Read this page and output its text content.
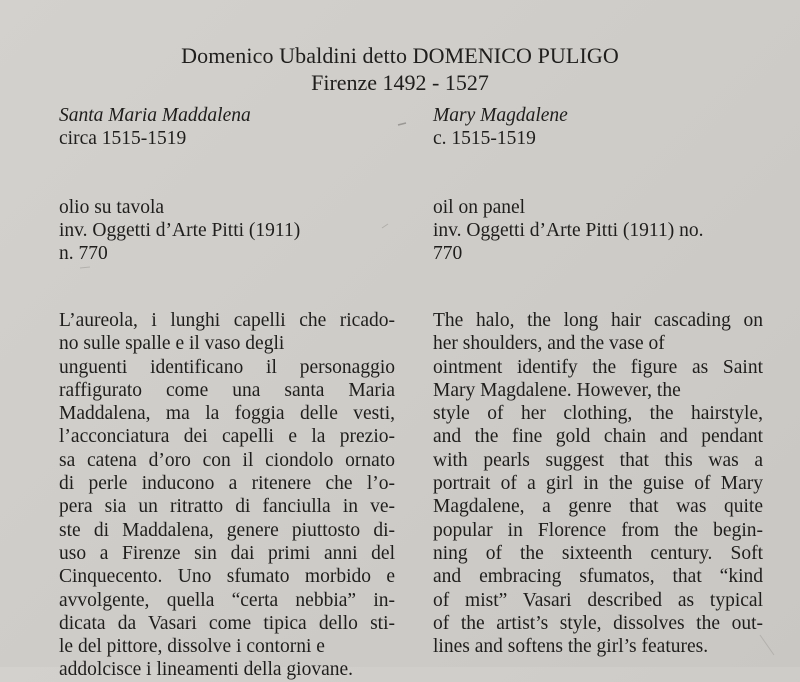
Domenico Ubaldini detto DOMENICO PULIGO
Firenze 1492 - 1527
Santa Maria Maddalena
circa 1515-1519
olio su tavola
inv. Oggetti d’Arte Pitti (1911)
n. 770
L’aureola, i lunghi capelli che ricado-
no sulle spalle e il vaso degli
unguenti identificano il personaggio
raffigurato come una santa Maria
Maddalena, ma la foggia delle vesti,
l’acconciatura dei capelli e la prezio-
sa catena d’oro con il ciondolo ornato
di perle inducono a ritenere che l’o-
pera sia un ritratto di fanciulla in ve-
ste di Maddalena, genere piuttosto di-
uso a Firenze sin dai primi anni del
Cinquecento. Uno sfumato morbido e
avvolgente, quella “certa nebbia” in-
dicata da Vasari come tipica dello sti-
le del pittore, dissolve i contorni e
addolcisce i lineamenti della giovane.
Mary Magdalene
c. 1515-1519
oil on panel
inv. Oggetti d’Arte Pitti (1911) no.
770
The halo, the long hair cascading on
her shoulders, and the vase of
ointment identify the figure as Saint
Mary Magdalene. However, the
style of her clothing, the hairstyle,
and the fine gold chain and pendant
with pearls suggest that this was a
portrait of a girl in the guise of Mary
Magdalene, a genre that was quite
popular in Florence from the begin-
ning of the sixteenth century. Soft
and embracing sfumatos, that “kind
of mist” Vasari described as typical
of the artist’s style, dissolves the out-
lines and softens the girl’s features.
